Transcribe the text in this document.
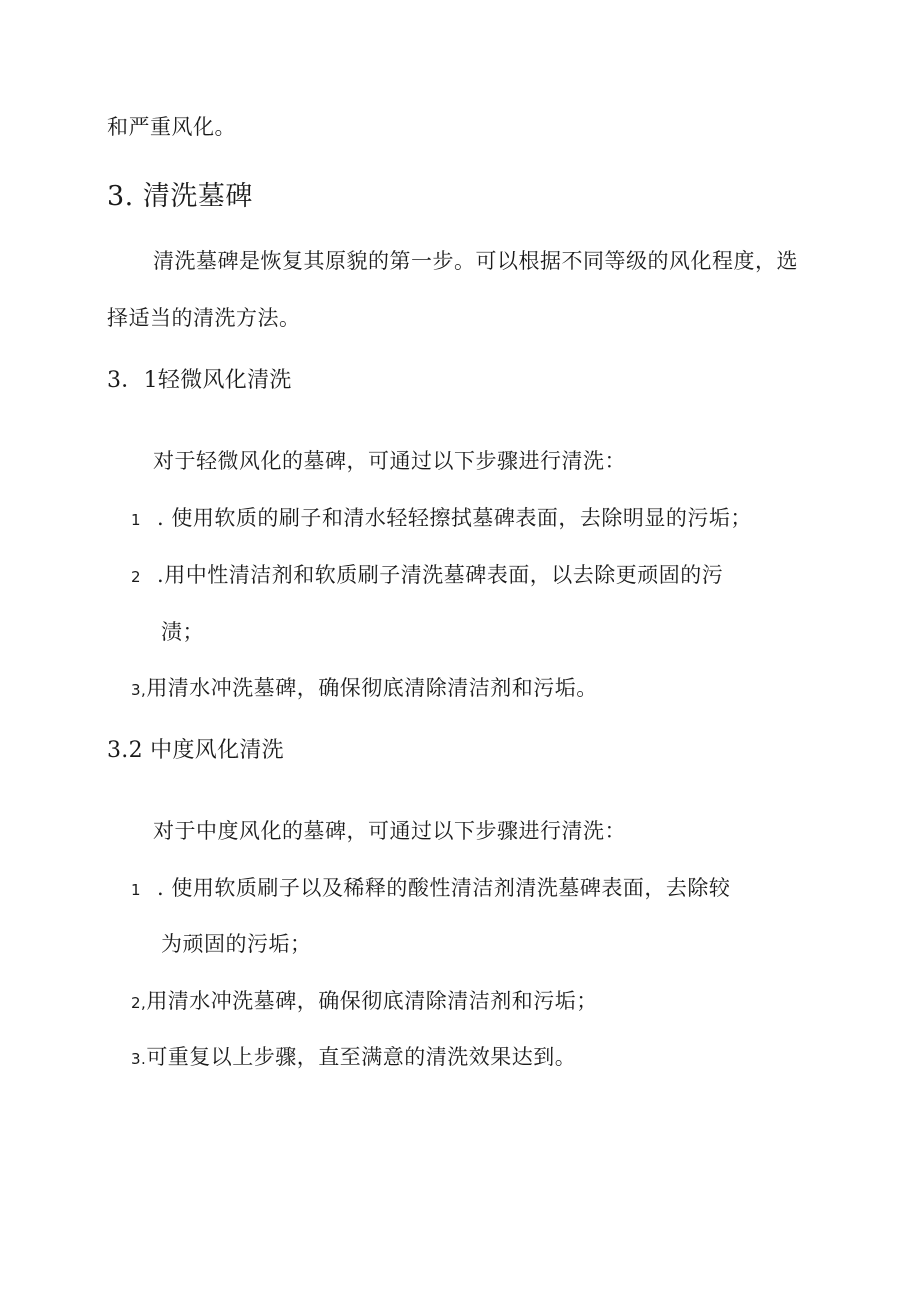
和严重风化。
3. 清洗墓碑
清洗墓碑是恢复其原貌的第一步。可以根据不同等级的风化程度，选
择适当的清洗方法。
3．1轻微风化清洗
对于轻微风化的墓碑，可通过以下步骤进行清洗：
1 . 使用软质的刷子和清水轻轻擦拭墓碑表面，去除明显的污垢；
2 .用中性清洁剂和软质刷子清洗墓碑表面，以去除更顽固的污
渍；
3,用清水冲洗墓碑，确保彻底清除清洁剂和污垢。
3.2 中度风化清洗
对于中度风化的墓碑，可通过以下步骤进行清洗：
1 . 使用软质刷子以及稀释的酸性清洁剂清洗墓碑表面，去除较
为顽固的污垢；
2,用清水冲洗墓碑，确保彻底清除清洁剂和污垢；
3.可重复以上步骤，直至满意的清洗效果达到。
